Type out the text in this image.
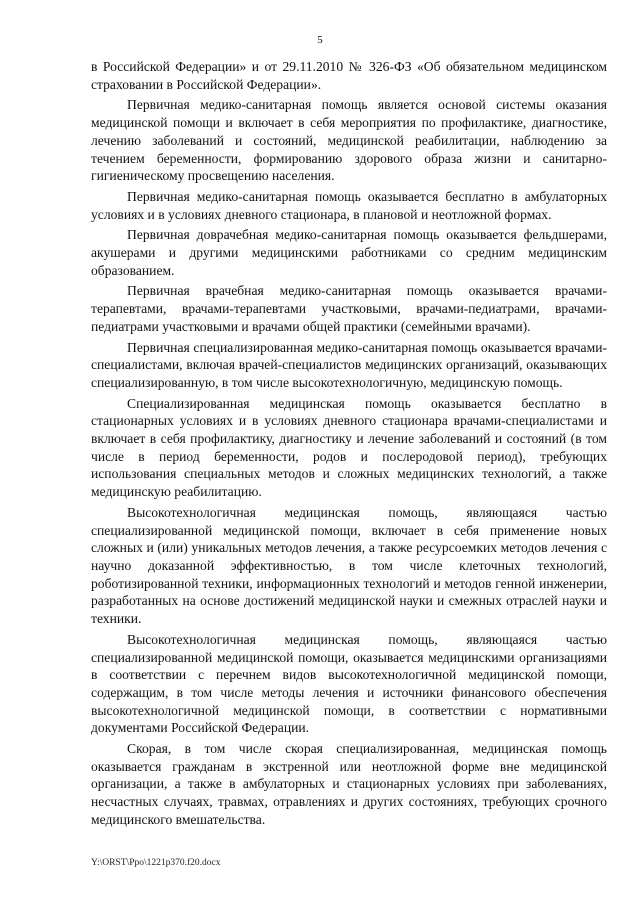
5

в Российской Федерации» и от 29.11.2010 № 326-ФЗ «Об обязательном медицинском страховании в Российской Федерации».

Первичная медико-санитарная помощь является основой системы оказания медицинской помощи и включает в себя мероприятия по профилактике, диагностике, лечению заболеваний и состояний, медицинской реабилитации, наблюдению за течением беременности, формированию здорового образа жизни и санитарно-гигиеническому просвещению населения.

Первичная медико-санитарная помощь оказывается бесплатно в амбулаторных условиях и в условиях дневного стационара, в плановой и неотложной формах.

Первичная доврачебная медико-санитарная помощь оказывается фельдшерами, акушерами и другими медицинскими работниками со средним медицинским образованием.

Первичная врачебная медико-санитарная помощь оказывается врачами-терапевтами, врачами-терапевтами участковыми, врачами-педиатрами, врачами-педиатрами участковыми и врачами общей практики (семейными врачами).

Первичная специализированная медико-санитарная помощь оказывается врачами-специалистами, включая врачей-специалистов медицинских организаций, оказывающих специализированную, в том числе высокотехнологичную, медицинскую помощь.

Специализированная медицинская помощь оказывается бесплатно в стационарных условиях и в условиях дневного стационара врачами-специалистами и включает в себя профилактику, диагностику и лечение заболеваний и состояний (в том числе в период беременности, родов и послеродовой период), требующих использования специальных методов и сложных медицинских технологий, а также медицинскую реабилитацию.

Высокотехнологичная медицинская помощь, являющаяся частью специализированной медицинской помощи, включает в себя применение новых сложных и (или) уникальных методов лечения, а также ресурсоемких методов лечения с научно доказанной эффективностью, в том числе клеточных технологий, роботизированной техники, информационных технологий и методов генной инженерии, разработанных на основе достижений медицинской науки и смежных отраслей науки и техники.

Высокотехнологичная медицинская помощь, являющаяся частью специализированной медицинской помощи, оказывается медицинскими организациями в соответствии с перечнем видов высокотехнологичной медицинской помощи, содержащим, в том числе методы лечения и источники финансового обеспечения высокотехнологичной медицинской помощи, в соответствии с нормативными документами Российской Федерации.

Скорая, в том числе скорая специализированная, медицинская помощь оказывается гражданам в экстренной или неотложной форме вне медицинской организации, а также в амбулаторных и стационарных условиях при заболеваниях, несчастных случаях, травмах, отравлениях и других состояниях, требующих срочного медицинского вмешательства.

Y:\ORST\Ppo\1221p370.f20.docx
